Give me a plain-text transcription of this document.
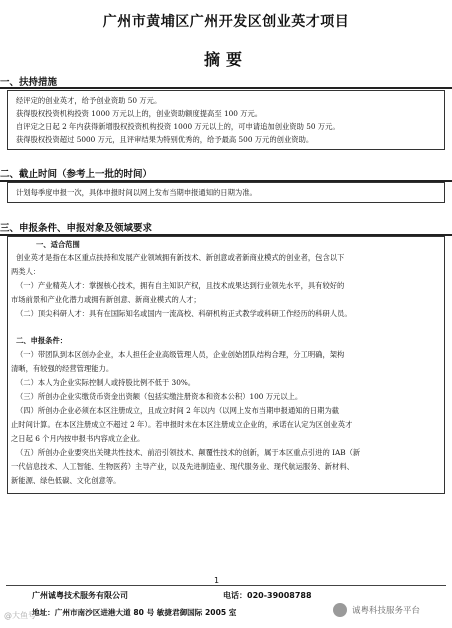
广州市黄埔区广州开发区创业英才项目
摘要
一、扶持措施
经评定的创业英才，给予创业资助 50 万元。
获得股权投资机构投资 1000 万元以上的，创业资助额度提高至 100 万元。
自评定之日起 2 年内获得新增股权投资机构投资 1000 万元以上的，可申请追加创业资助 50 万元。
获得股权投资超过 5000 万元，且评审结果为特别优秀的，给予最高 500 万元的创业资助。
二、截止时间（参考上一批的时间）
计划每季度申报一次，具体申报时间以网上发布当期申报通知的日期为准。
三、申报条件、申报对象及领域要求
一、适合范围
创业英才是指在本区重点扶持和发展产业领域拥有新技术、新创意或者新商业模式的创业者，包含以下
两类人：
（一）产业精英人才：掌握核心技术，拥有自主知识产权，且技术成果达到行业领先水平，具有较好的
市场前景和产业化潜力或拥有新创意、新商业模式的人才；
（二）顶尖科研人才：具有在国际知名或国内一流高校、科研机构正式教学或科研工作经历的科研人员。
二、申报条件：
（一）带团队到本区创办企业，本人担任企业高级管理人员，企业创始团队结构合理，分工明确，架构
清晰，有较强的经营管理能力。
（二）本人为企业实际控制人或持股比例不低于 30%。
（三）所创办企业实缴货币资金出资额（包括实缴注册资本和资本公积）100 万元以上。
（四）所创办企业必须在本区注册成立，且成立时间 2 年以内（以网上发布当期申报通知的日期为截
止时间计算。在本区注册成立不超过 2 年）。若申报时未在本区注册成立企业的，承诺在认定为区创业英才
之日起 6 个月内按申报书内容成立企业。
（五）所创办企业要突出关键共性技术、前沿引领技术、颠覆性技术的创新，属于本区重点引进的 IAB（新
一代信息技术、人工智能、生物医药）主导产业，以及先进制造业、现代服务业、现代航运服务、新材料、
新能源、绿色低碳、文化创意等。
1
广州诚粤技术服务有限公司	电话：020-39008788
地址：广州市南沙区进港大道 80 号 敏捷君御国际 2005 室
@大鱼号	诚粤科技服务平台
